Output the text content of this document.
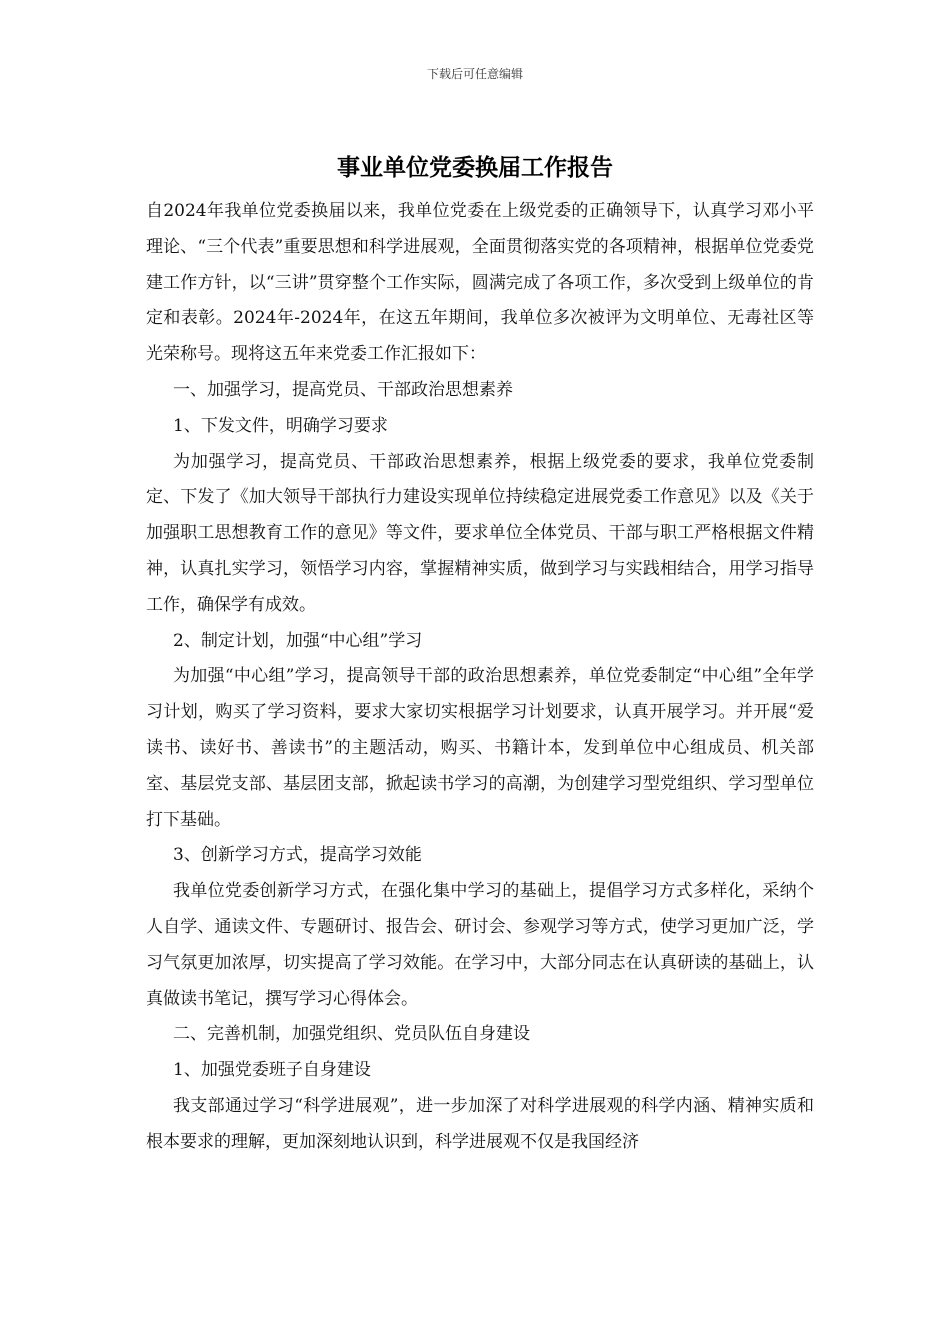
下载后可任意编辑
事业单位党委换届工作报告

自2024年我单位党委换届以来，我单位党委在上级党委的正确领导下，认真学习邓小平理论、“三个代表”重要思想和科学进展观，全面贯彻落实党的各项精神，根据单位党委党建工作方针，以“三讲”贯穿整个工作实际，圆满完成了各项工作，多次受到上级单位的肯定和表彰。2024年-2024年，在这五年期间，我单位多次被评为文明单位、无毒社区等光荣称号。现将这五年来党委工作汇报如下：

一、加强学习，提高党员、干部政治思想素养

1、下发文件，明确学习要求

为加强学习，提高党员、干部政治思想素养，根据上级党委的要求，我单位党委制定、下发了《加大领导干部执行力建设实现单位持续稳定进展党委工作意见》以及《关于加强职工思想教育工作的意见》等文件，要求单位全体党员、干部与职工严格根据文件精神，认真扎实学习，领悟学习内容，掌握精神实质，做到学习与实践相结合，用学习指导工作，确保学有成效。

2、制定计划，加强“中心组”学习

为加强“中心组”学习，提高领导干部的政治思想素养，单位党委制定“中心组”全年学习计划，购买了学习资料，要求大家切实根据学习计划要求，认真开展学习。并开展“爱读书、读好书、善读书”的主题活动，购买、书籍计本，发到单位中心组成员、机关部室、基层党支部、基层团支部，掀起读书学习的高潮，为创建学习型党组织、学习型单位打下基础。

3、创新学习方式，提高学习效能

我单位党委创新学习方式，在强化集中学习的基础上，提倡学习方式多样化，采纳个人自学、通读文件、专题研讨、报告会、研讨会、参观学习等方式，使学习更加广泛，学习气氛更加浓厚，切实提高了学习效能。在学习中，大部分同志在认真研读的基础上，认真做读书笔记，撰写学习心得体会。

二、完善机制，加强党组织、党员队伍自身建设

1、加强党委班子自身建设

我支部通过学习“科学进展观”，进一步加深了对科学进展观的科学内涵、精神实质和根本要求的理解，更加深刻地认识到，科学进展观不仅是我国经济
